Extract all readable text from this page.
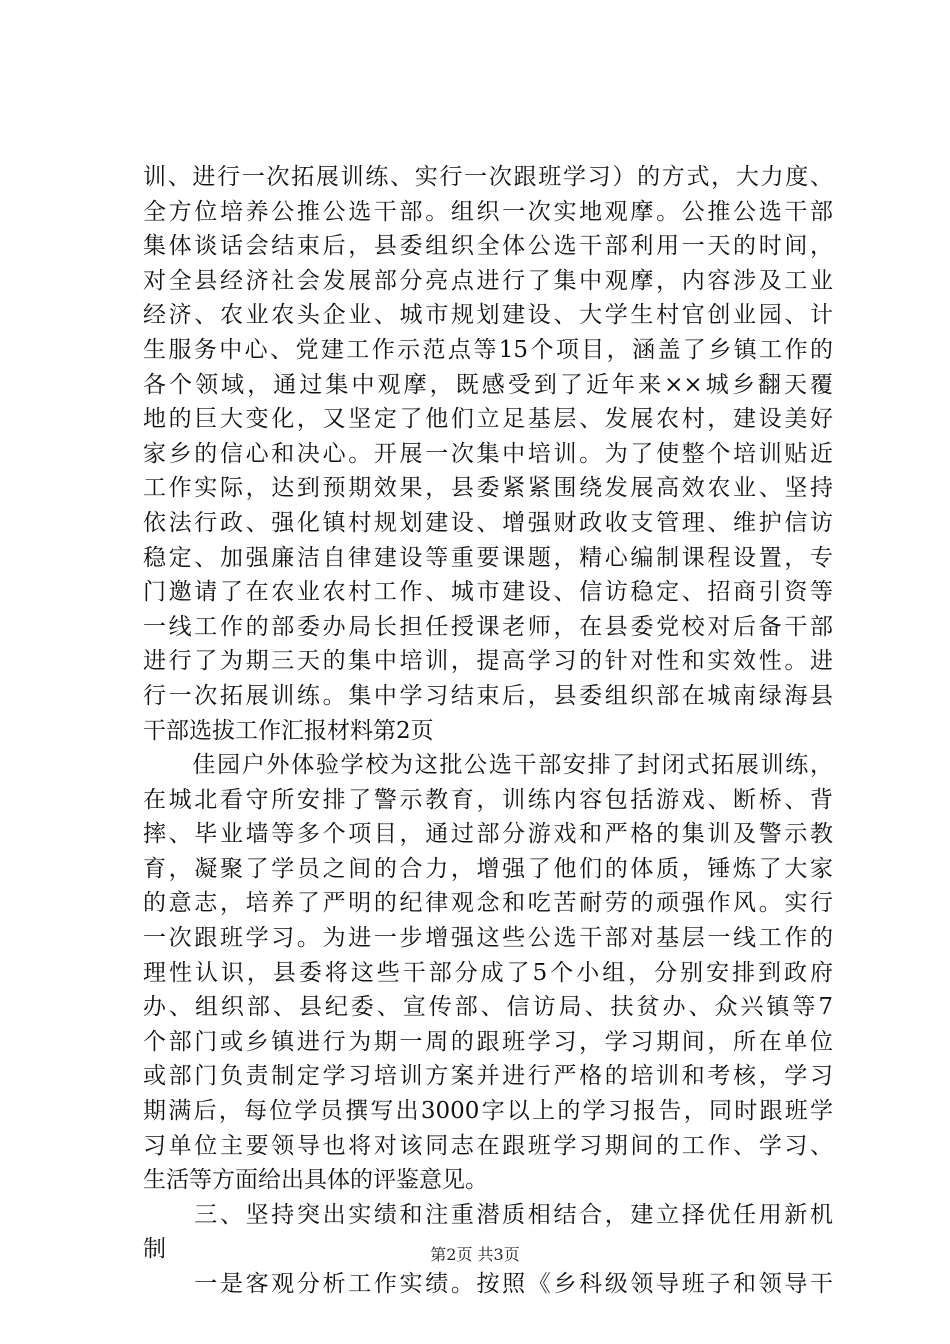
训、进行一次拓展训练、实行一次跟班学习）的方式，大力度、
全方位培养公推公选干部。组织一次实地观摩。公推公选干部
集体谈话会结束后，县委组织全体公选干部利用一天的时间，
对全县经济社会发展部分亮点进行了集中观摩，内容涉及工业
经济、农业农头企业、城市规划建设、大学生村官创业园、计
生服务中心、党建工作示范点等15个项目，涵盖了乡镇工作的
各个领域，通过集中观摩，既感受到了近年来××城乡翻天覆
地的巨大变化，又坚定了他们立足基层、发展农村，建设美好
家乡的信心和决心。开展一次集中培训。为了使整个培训贴近
工作实际，达到预期效果，县委紧紧围绕发展高效农业、坚持
依法行政、强化镇村规划建设、增强财政收支管理、维护信访
稳定、加强廉洁自律建设等重要课题，精心编制课程设置，专
门邀请了在农业农村工作、城市建设、信访稳定、招商引资等
一线工作的部委办局长担任授课老师，在县委党校对后备干部
进行了为期三天的集中培训，提高学习的针对性和实效性。进
行一次拓展训练。集中学习结束后，县委组织部在城南绿海县
干部选拔工作汇报材料第2页
　　佳园户外体验学校为这批公选干部安排了封闭式拓展训练，
在城北看守所安排了警示教育，训练内容包括游戏、断桥、背
摔、毕业墙等多个项目，通过部分游戏和严格的集训及警示教
育，凝聚了学员之间的合力，增强了他们的体质，锤炼了大家
的意志，培养了严明的纪律观念和吃苦耐劳的顽强作风。实行
一次跟班学习。为进一步增强这些公选干部对基层一线工作的
理性认识，县委将这些干部分成了5个小组，分别安排到政府
办、组织部、县纪委、宣传部、信访局、扶贫办、众兴镇等7
个部门或乡镇进行为期一周的跟班学习，学习期间，所在单位
或部门负责制定学习培训方案并进行严格的培训和考核，学习
期满后，每位学员撰写出3000字以上的学习报告，同时跟班学
习单位主要领导也将对该同志在跟班学习期间的工作、学习、
生活等方面给出具体的评鉴意见。
　　三、坚持突出实绩和注重潜质相结合，建立择优任用新机
制
　　一是客观分析工作实绩。按照《乡科级领导班子和领导干
第2页 共3页
